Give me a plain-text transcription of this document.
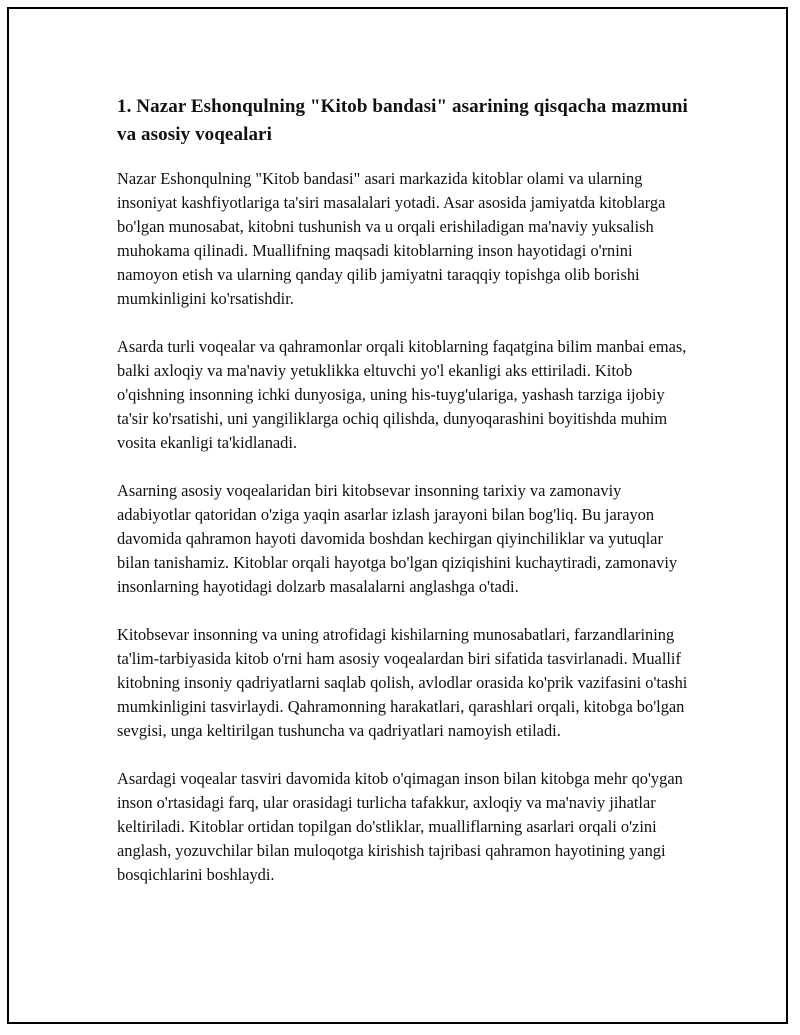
1. Nazar Eshonqulning "Kitob bandasi" asarining qisqacha mazmuni va asosiy voqealari

Nazar Eshonqulning "Kitob bandasi" asari markazida kitoblar olami va ularning insoniyat kashfiyotlariga ta'siri masalalari yotadi. Asar asosida jamiyatda kitoblarga bo'lgan munosabat, kitobni tushunish va u orqali erishiladigan ma'naviy yuksalish muhokama qilinadi. Muallifning maqsadi kitoblarning inson hayotidagi o'rnini namoyon etish va ularning qanday qilib jamiyatni taraqqiy topishga olib borishi mumkinligini ko'rsatishdir.

Asarda turli voqealar va qahramonlar orqali kitoblarning faqatgina bilim manbai emas, balki axloqiy va ma'naviy yetuklikka eltuvchi yo'l ekanligi aks ettiriladi. Kitob o'qishning insonning ichki dunyosiga, uning his-tuyg'ulariga, yashash tarziga ijobiy ta'sir ko'rsatishi, uni yangiliklarga ochiq qilishda, dunyoqarashini boyitishda muhim vosita ekanligi ta'kidlanadi.

Asarning asosiy voqealaridan biri kitobsevar insonning tarixiy va zamonaviy adabiyotlar qatoridan o'ziga yaqin asarlar izlash jarayoni bilan bog'liq. Bu jarayon davomida qahramon hayoti davomida boshdan kechirgan qiyinchiliklar va yutuqlar bilan tanishamiz. Kitoblar orqali hayotga bo'lgan qiziqishini kuchaytiradi, zamonaviy insonlarning hayotidagi dolzarb masalalarni anglashga o'tadi.

Kitobsevar insonning va uning atrofidagi kishilarning munosabatlari, farzandlarining ta'lim-tarbiyasida kitob o'rni ham asosiy voqealardan biri sifatida tasvirlanadi. Muallif kitobning insoniy qadriyatlarni saqlab qolish, avlodlar orasida ko'prik vazifasini o'tashi mumkinligini tasvirlaydi. Qahramonning harakatlari, qarashlari orqali, kitobga bo'lgan sevgisi, unga keltirilgan tushuncha va qadriyatlari namoyish etiladi.

Asardagi voqealar tasviri davomida kitob o'qimagan inson bilan kitobga mehr qo'ygan inson o'rtasidagi farq, ular orasidagi turlicha tafakkur, axloqiy va ma'naviy jihatlar keltiriladi. Kitoblar ortidan topilgan do'stliklar, mualliflarning asarlari orqali o'zini anglash, yozuvchilar bilan muloqotga kirishish tajribasi qahramon hayotining yangi bosqichlarini boshlaydi.
